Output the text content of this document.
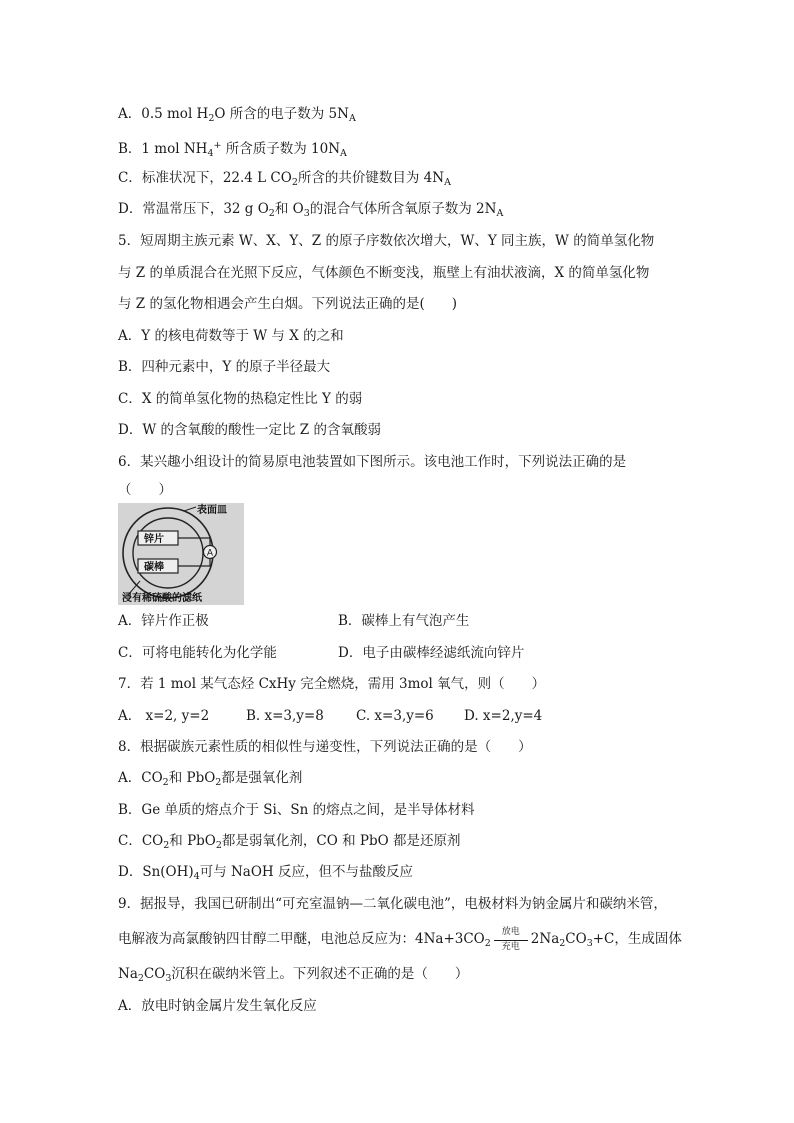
A．0.5 mol $H_2O$ 所含的电子数为 $5N_A$
B．1 mol $NH_4^+$ 所含质子数为 $10N_A$
C．标准状况下，22.4 L $CO_2$所含的共价键数目为 $4N_A$
D．常温常压下，32 g $O_2$和 $O_3$的混合气体所含氧原子数为 $2N_A$
5．短周期主族元素 W、X、Y、Z 的原子序数依次增大，W、Y 同主族，W 的简单氢化物
与 Z 的单质混合在光照下反应，气体颜色不断变浅，瓶壁上有油状液滴，X 的简单氢化物
与 Z 的氢化物相遇会产生白烟。下列说法正确的是(　　)
A．Y 的核电荷数等于 W 与 X 的之和
B．四种元素中，Y 的原子半径最大
C．X 的简单氢化物的热稳定性比 Y 的弱
D．W 的含氧酸的酸性一定比 Z 的含氧酸弱
6．某兴趣小组设计的简易原电池装置如下图所示。该电池工作时，下列说法正确的是
（　　）
表面皿
锌片
碳棒
A
浸有稀硫酸的滤纸
A．锌片作正极	B．碳棒上有气泡产生
C．可将电能转化为化学能	D．电子由碳棒经滤纸流向锌片
7．若 1 mol 某气态烃 CxHy 完全燃烧，需用 3mol 氧气，则（　　）
A． x=2, y=2	B. x=3,y=8 C. x=3,y=6 D. x=2,y=4
8．根据碳族元素性质的相似性与递变性，下列说法正确的是（　　）
A．$CO_2$和 PbO$_2$都是强氧化剂
B．Ge 单质的熔点介于 Si、Sn 的熔点之间，是半导体材料
C．$CO_2$和 PbO$_2$都是弱氧化剂，CO 和 PbO 都是还原剂
D．$Sn(OH)_4$可与 NaOH 反应，但不与盐酸反应
9．据报导，我国已研制出“可充室温钠—二氧化碳电池”，电极材料为钠金属片和碳纳米管，
电解液为高氯酸钠四甘醇二甲醚，电池总反应为：$4Na+3CO_2 \frac{\text{放电}}{\text{充电}} 2Na_2CO_3+C$，生成固体
$Na_2CO_3$沉积在碳纳米管上。下列叙述不正确的是（　　）
A．放电时钠金属片发生氧化反应
